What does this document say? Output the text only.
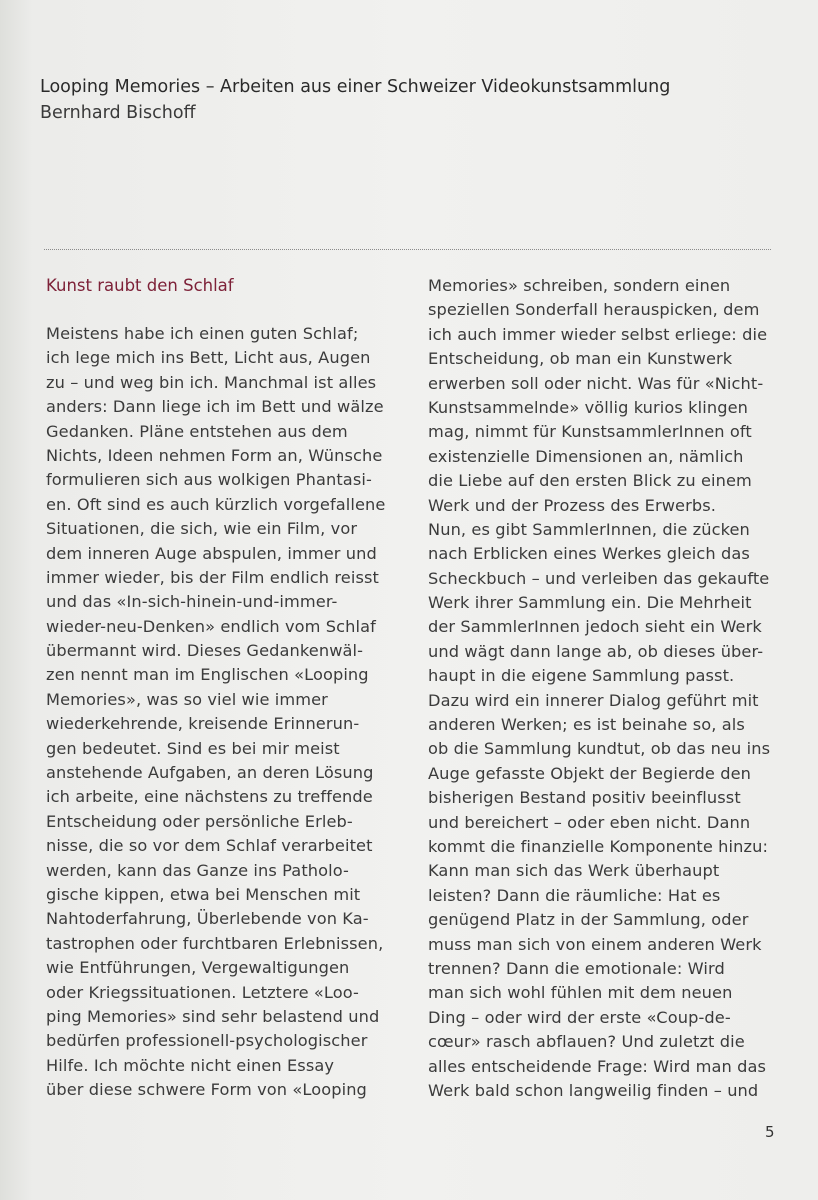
Looping Memories – Arbeiten aus einer Schweizer Videokunstsammlung
Bernhard Bischoff
Kunst raubt den Schlaf
Meistens habe ich einen guten Schlaf;
ich lege mich ins Bett, Licht aus, Augen
zu – und weg bin ich. Manchmal ist alles
anders: Dann liege ich im Bett und wälze
Gedanken. Pläne entstehen aus dem
Nichts, Ideen nehmen Form an, Wünsche
formulieren sich aus wolkigen Phantasi-
en. Oft sind es auch kürzlich vorgefallene
Situationen, die sich, wie ein Film, vor
dem inneren Auge abspulen, immer und
immer wieder, bis der Film endlich reisst
und das «In-sich-hinein-und-immer-
wieder-neu-Denken» endlich vom Schlaf
übermannt wird. Dieses Gedankenwäl-
zen nennt man im Englischen «Looping
Memories», was so viel wie immer
wiederkehrende, kreisende Erinnerun-
gen bedeutet. Sind es bei mir meist
anstehende Aufgaben, an deren Lösung
ich arbeite, eine nächstens zu treffende
Entscheidung oder persönliche Erleb-
nisse, die so vor dem Schlaf verarbeitet
werden, kann das Ganze ins Patholo-
gische kippen, etwa bei Menschen mit
Nahtoderfahrung, Überlebende von Ka-
tastrophen oder furchtbaren Erlebnissen,
wie Entführungen, Vergewaltigungen
oder Kriegssituationen. Letztere «Loo-
ping Memories» sind sehr belastend und
bedürfen professionell-psychologischer
Hilfe. Ich möchte nicht einen Essay
über diese schwere Form von «Looping
Memories» schreiben, sondern einen
speziellen Sonderfall herauspicken, dem
ich auch immer wieder selbst erliege: die
Entscheidung, ob man ein Kunstwerk
erwerben soll oder nicht. Was für «Nicht-
Kunstsammelnde» völlig kurios klingen
mag, nimmt für KunstsammlerInnen oft
existenzielle Dimensionen an, nämlich
die Liebe auf den ersten Blick zu einem
Werk und der Prozess des Erwerbs.
Nun, es gibt SammlerInnen, die zücken
nach Erblicken eines Werkes gleich das
Scheckbuch – und verleiben das gekaufte
Werk ihrer Sammlung ein. Die Mehrheit
der SammlerInnen jedoch sieht ein Werk
und wägt dann lange ab, ob dieses über-
haupt in die eigene Sammlung passt.
Dazu wird ein innerer Dialog geführt mit
anderen Werken; es ist beinahe so, als
ob die Sammlung kundtut, ob das neu ins
Auge gefasste Objekt der Begierde den
bisherigen Bestand positiv beeinflusst
und bereichert – oder eben nicht. Dann
kommt die finanzielle Komponente hinzu:
Kann man sich das Werk überhaupt
leisten? Dann die räumliche: Hat es
genügend Platz in der Sammlung, oder
muss man sich von einem anderen Werk
trennen? Dann die emotionale: Wird
man sich wohl fühlen mit dem neuen
Ding – oder wird der erste «Coup-de-
cœur» rasch abflauen? Und zuletzt die
alles entscheidende Frage: Wird man das
Werk bald schon langweilig finden – und
5
